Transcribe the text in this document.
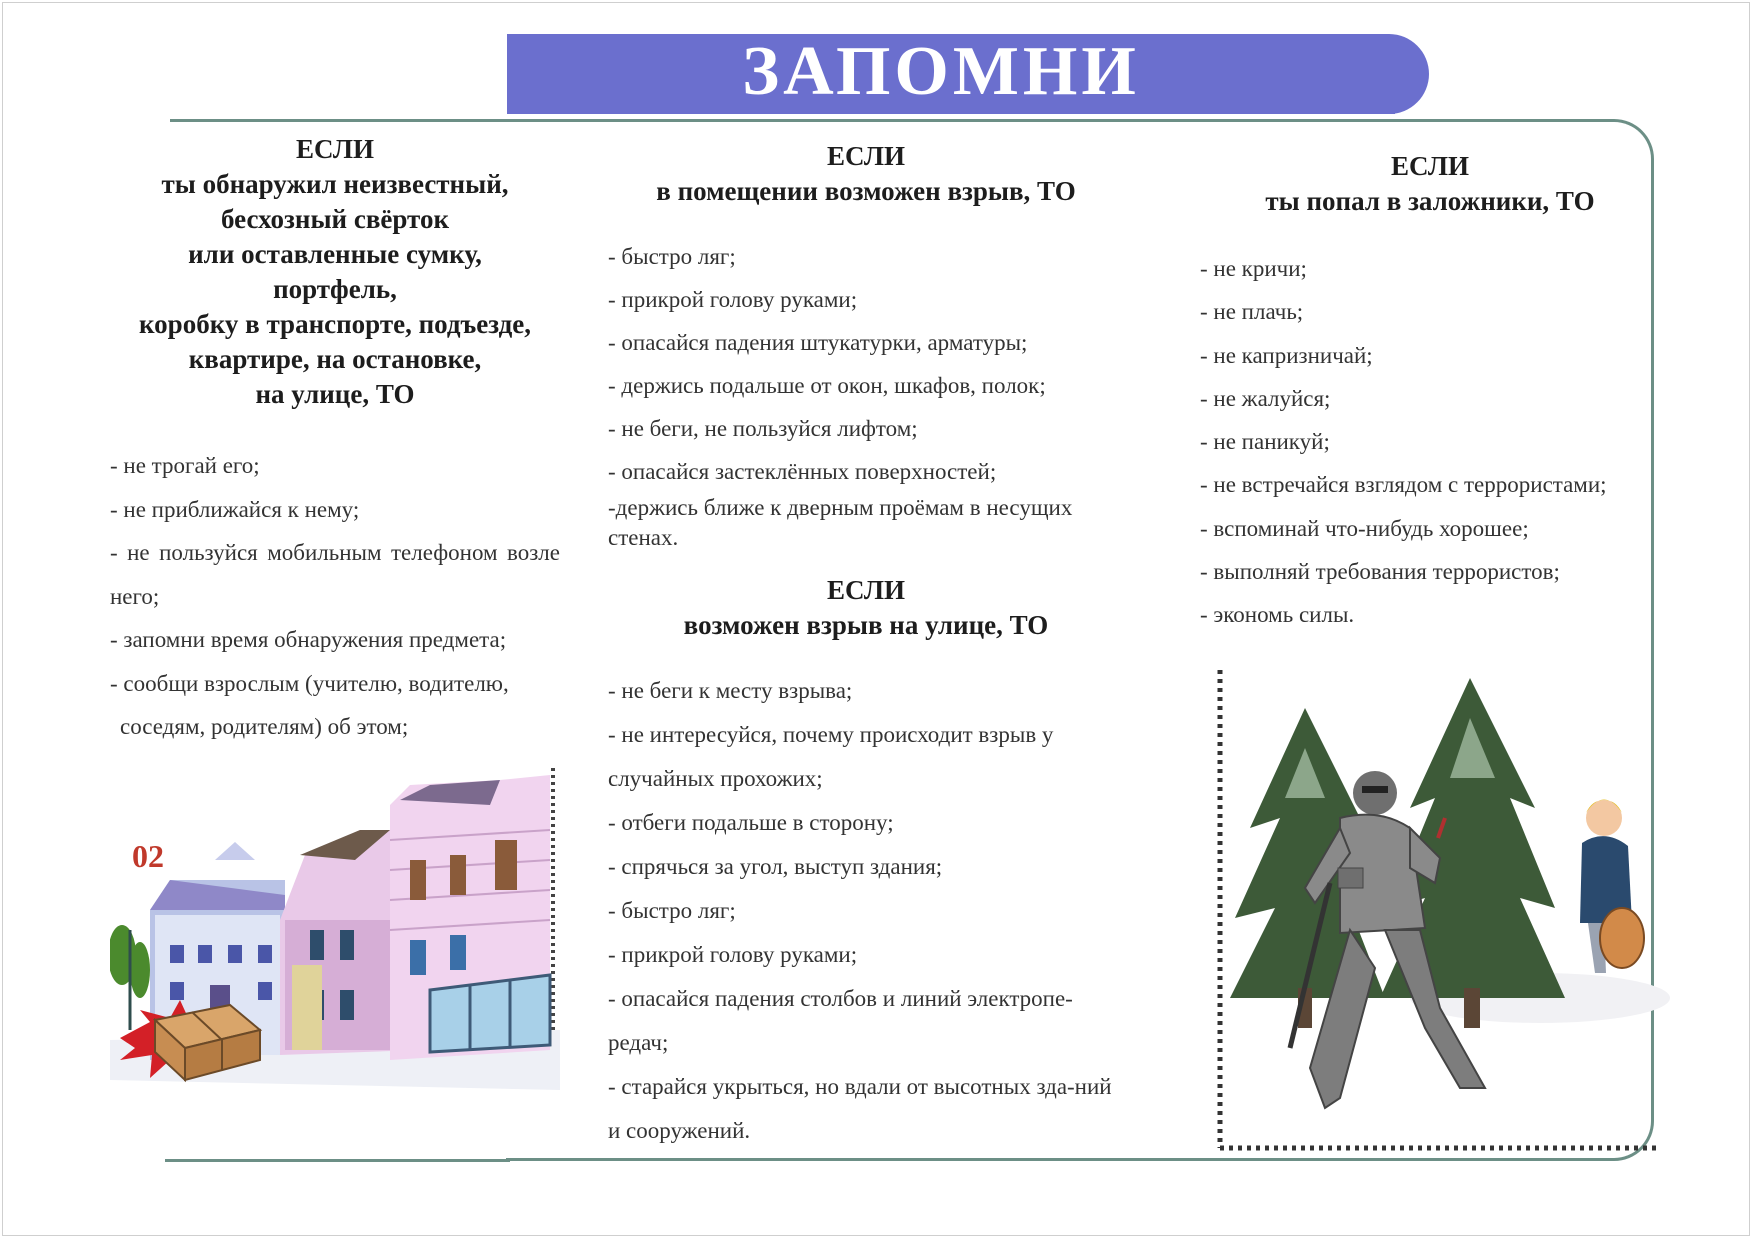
ЗАПОМНИ
ЕСЛИ
ты обнаружил неизвестный,
бесхозный свёрток
или оставленные сумку,
портфель,
коробку в транспорте, подъезде,
квартире, на остановке,
на улице, ТО
- не трогай его;
- не приближайся к нему;
- не пользуйся мобильным телефоном возле него;
- запомни время обнаружения предмета;
- сообщи взрослым (учителю, водителю,
соседям, родителям) об этом;
ЕСЛИ
в помещении возможен взрыв, ТО
- быстро ляг;
- прикрой голову руками;
- опасайся падения штукатурки, арматуры;
- держись подальше от окон, шкафов, полок;
- не беги, не пользуйся лифтом;
- опасайся застеклённых поверхностей;
-держись ближе к дверным проёмам в несущих стенах.
ЕСЛИ
возможен взрыв на улице, ТО
- не беги к месту взрыва;
- не интересуйся, почему происходит взрыв у случайных прохожих;
- отбеги подальше в сторону;
- спрячься за угол, выступ здания;
- быстро ляг;
- прикрой голову руками;
- опасайся падения столбов и линий электропе-редач;
- старайся укрыться, но вдали от высотных зда-ний и сооружений.
ЕСЛИ
ты попал в заложники, ТО
- не кричи;
- не плачь;
- не капризничай;
- не жалуйся;
- не паникуй;
- не встречайся взглядом с террористами;
- вспоминай что-нибудь хорошее;
- выполняй требования террористов;
- экономь силы.
02
